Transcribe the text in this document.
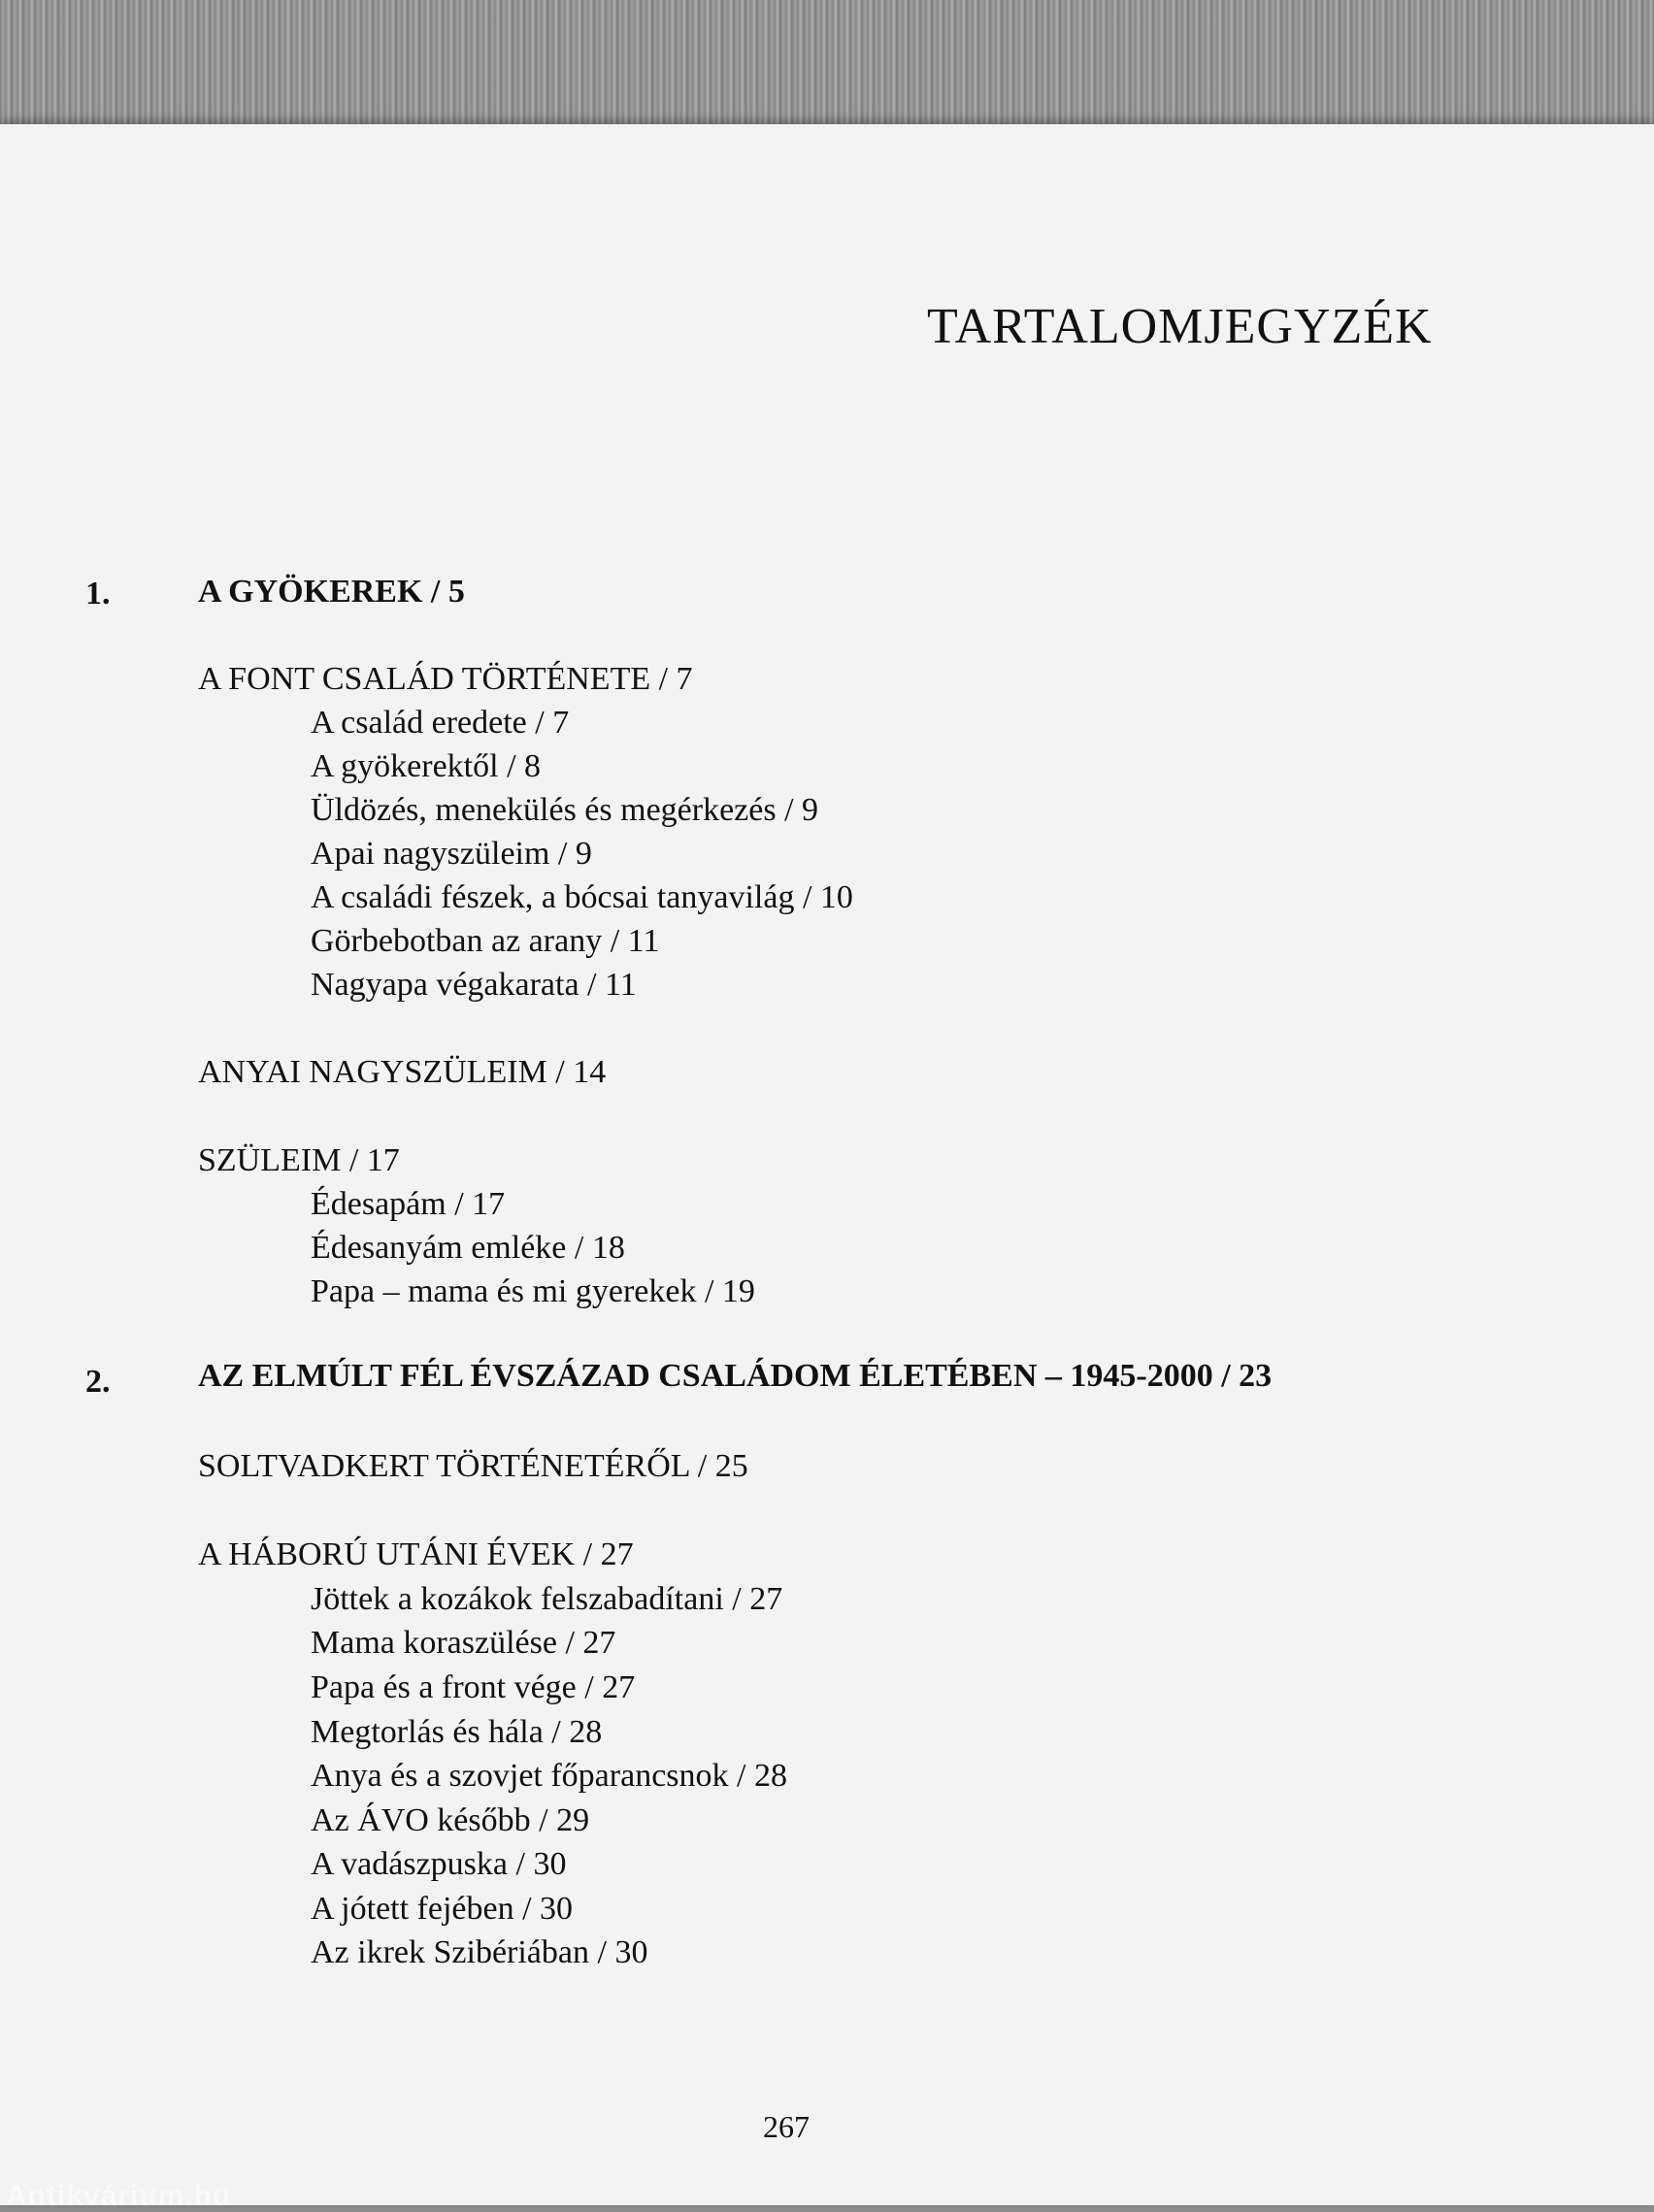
TARTALOMJEGYZÉK
1.	A GYÖKEREK / 5
A FONT CSALÁD TÖRTÉNETE / 7
A család eredete / 7
A gyökerektől / 8
Üldözés, menekülés és megérkezés / 9
Apai nagyszüleim / 9
A családi fészek, a bócsai tanyavilág / 10
Görbebotban az arany / 11
Nagyapa végakarata / 11
ANYAI NAGYSZÜLEIM / 14
SZÜLEIM / 17
Édesapám / 17
Édesanyám emléke / 18
Papa – mama és mi gyerekek / 19
2.	AZ ELMÚLT FÉL ÉVSZÁZAD CSALÁDOM ÉLETÉBEN – 1945-2000 / 23
SOLTVADKERT TÖRTÉNETÉRŐL / 25
A HÁBORÚ UTÁNI ÉVEK / 27
Jöttek a kozákok felszabadítani / 27
Mama koraszülése / 27
Papa és a front vége / 27
Megtorlás és hála / 28
Anya és a szovjet főparancsnok / 28
Az ÁVO később / 29
A vadászpuska / 30
A jótett fejében / 30
Az ikrek Szibériában / 30
267
Antikvárium.hu
